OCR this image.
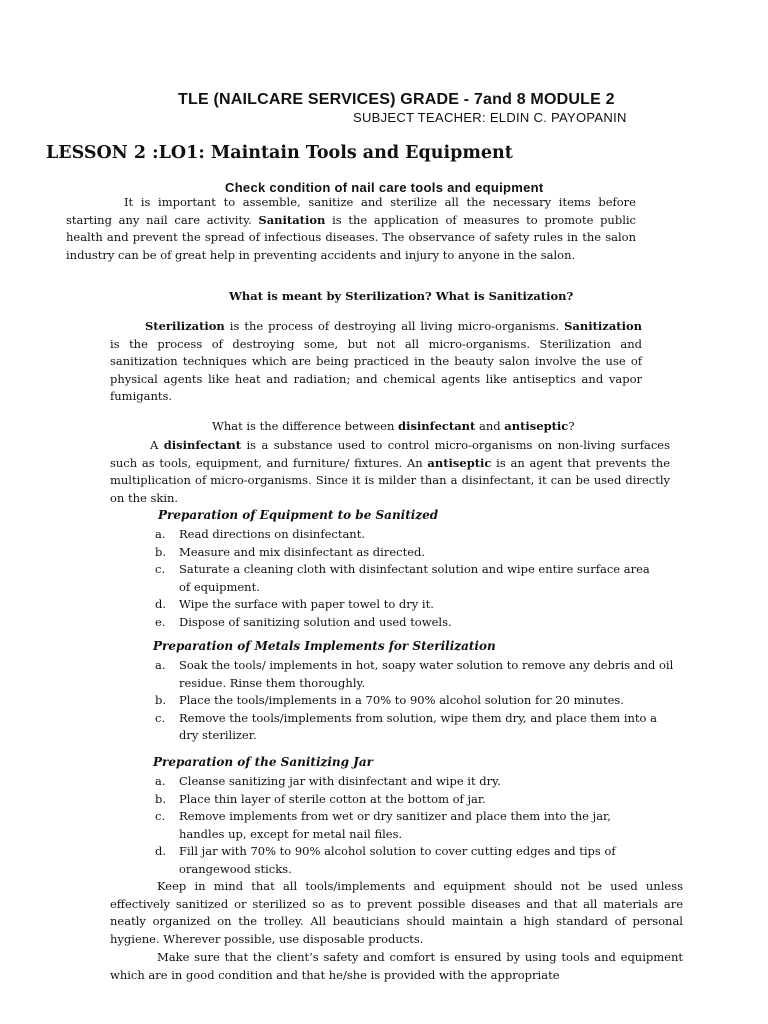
TLE (NAILCARE SERVICES) GRADE - 7and 8 MODULE 2
SUBJECT TEACHER: ELDIN C. PAYOPANIN
LESSON 2 :LO1: Maintain Tools and Equipment
Check condition of nail care tools and equipment
It is important to assemble, sanitize and sterilize all the necessary items before starting any nail care activity. Sanitation is the application of measures to promote public health and prevent the spread of infectious diseases. The observance of safety rules in the salon industry can be of great help in preventing accidents and injury to anyone in the salon.
What is meant by Sterilization? What is Sanitization?
Sterilization is the process of destroying all living micro-organisms. Sanitization is the process of destroying some, but not all micro-organisms. Sterilization and sanitization techniques which are being practiced in the beauty salon involve the use of physical agents like heat and radiation; and chemical agents like antiseptics and vapor fumigants.
What is the difference between disinfectant and antiseptic?
A disinfectant is a substance used to control micro-organisms on non-living surfaces such as tools, equipment, and furniture/ fixtures. An antiseptic is an agent that prevents the multiplication of micro-organisms. Since it is milder than a disinfectant, it can be used directly on the skin.
Preparation of Equipment to be Sanitized
a. Read directions on disinfectant.
b. Measure and mix disinfectant as directed.
c. Saturate a cleaning cloth with disinfectant solution and wipe entire surface area of equipment.
d. Wipe the surface with paper towel to dry it.
e. Dispose of sanitizing solution and used towels.
Preparation of Metals Implements for Sterilization
a. Soak the tools/ implements in hot, soapy water solution to remove any debris and oil residue. Rinse them thoroughly.
b. Place the tools/implements in a 70% to 90% alcohol solution for 20 minutes.
c. Remove the tools/implements from solution, wipe them dry, and place them into a dry sterilizer.
Preparation of the Sanitizing Jar
a. Cleanse sanitizing jar with disinfectant and wipe it dry.
b. Place thin layer of sterile cotton at the bottom of jar.
c. Remove implements from wet or dry sanitizer and place them into the jar, handles up, except for metal nail files.
d. Fill jar with 70% to 90% alcohol solution to cover cutting edges and tips of orangewood sticks.
Keep in mind that all tools/implements and equipment should not be used unless effectively sanitized or sterilized so as to prevent possible diseases and that all materials are neatly organized on the trolley. All beauticians should maintain a high standard of personal hygiene. Wherever possible, use disposable products.
Make sure that the client’s safety and comfort is ensured by using tools and equipment which are in good condition and that he/she is provided with the appropriate
